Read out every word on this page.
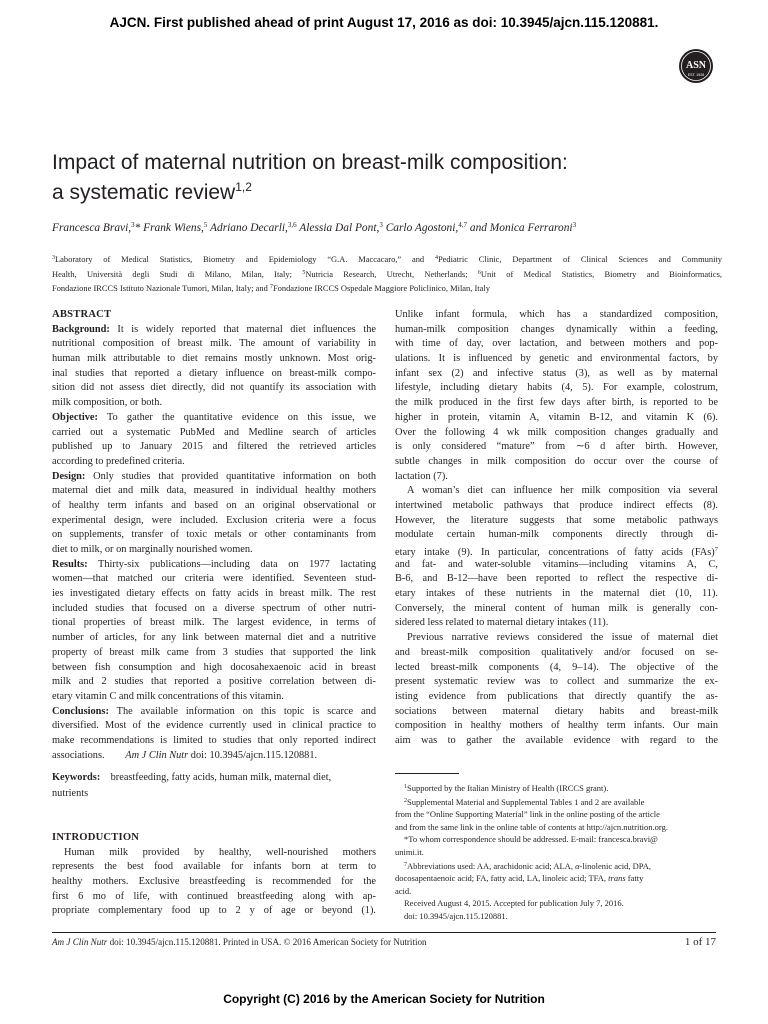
AJCN. First published ahead of print August 17, 2016 as doi: 10.3945/ajcn.115.120881.
ASN
EST. 1928
Impact of maternal nutrition on breast-milk composition:
a systematic review$^{1,2}$
Francesca Bravi,$^3$* Frank Wiens,$^5$ Adriano Decarli,$^{3,6}$ Alessia Dal Pont,$^3$ Carlo Agostoni,$^{4,7}$ and Monica Ferraroni$^3$
$^3$Laboratory of Medical Statistics, Biometry and Epidemiology “G.A. Maccacaro,” and $^4$Pediatric Clinic, Department of Clinical Sciences and Community
Health, Università degli Studi di Milano, Milan, Italy; $^5$Nutricia Research, Utrecht, Netherlands; $^6$Unit of Medical Statistics, Biometry and Bioinformatics,
Fondazione IRCCS Istituto Nazionale Tumori, Milan, Italy; and $^7$Fondazione IRCCS Ospedale Maggiore Policlinico, Milan, Italy
ABSTRACT
Background: It is widely reported that maternal diet influences the
nutritional composition of breast milk. The amount of variability in
human milk attributable to diet remains mostly unknown. Most orig-
inal studies that reported a dietary influence on breast-milk compo-
sition did not assess diet directly, did not quantify its association with
milk composition, or both.
Objective: To gather the quantitative evidence on this issue, we
carried out a systematic PubMed and Medline search of articles
published up to January 2015 and filtered the retrieved articles
according to predefined criteria.
Design: Only studies that provided quantitative information on both
maternal diet and milk data, measured in individual healthy mothers
of healthy term infants and based on an original observational or
experimental design, were included. Exclusion criteria were a focus
on supplements, transfer of toxic metals or other contaminants from
diet to milk, or on marginally nourished women.
Results: Thirty-six publications—including data on 1977 lactating
women—that matched our criteria were identified. Seventeen stud-
ies investigated dietary effects on fatty acids in breast milk. The rest
included studies that focused on a diverse spectrum of other nutri-
tional properties of breast milk. The largest evidence, in terms of
number of articles, for any link between maternal diet and a nutritive
property of breast milk came from 3 studies that supported the link
between fish consumption and high docosahexaenoic acid in breast
milk and 2 studies that reported a positive correlation between di-
etary vitamin C and milk concentrations of this vitamin.
Conclusions: The available information on this topic is scarce and
diversified. Most of the evidence currently used in clinical practice to
make recommendations is limited to studies that only reported indirect
associations. Am J Clin Nutr doi: 10.3945/ajcn.115.120881.
Keywords: breastfeeding, fatty acids, human milk, maternal diet,
nutrients
INTRODUCTION
Human milk provided by healthy, well-nourished mothers
represents the best food available for infants born at term to
healthy mothers. Exclusive breastfeeding is recommended for the
first 6 mo of life, with continued breastfeeding along with ap-
propriate complementary food up to 2 y of age or beyond (1).
Unlike infant formula, which has a standardized composition,
human-milk composition changes dynamically within a feeding,
with time of day, over lactation, and between mothers and pop-
ulations. It is influenced by genetic and environmental factors, by
infant sex (2) and infective status (3), as well as by maternal
lifestyle, including dietary habits (4, 5). For example, colostrum,
the milk produced in the first few days after birth, is reported to be
higher in protein, vitamin A, vitamin B-12, and vitamin K (6).
Over the following 4 wk milk composition changes gradually and
is only considered “mature” from ∼6 d after birth. However,
subtle changes in milk composition do occur over the course of
lactation (7).
A woman’s diet can influence her milk composition via several
intertwined metabolic pathways that produce indirect effects (8).
However, the literature suggests that some metabolic pathways
modulate certain human-milk components directly through di-
etary intake (9). In particular, concentrations of fatty acids (FAs)$^7$
and fat- and water-soluble vitamins—including vitamins A, C,
B-6, and B-12—have been reported to reflect the respective di-
etary intakes of these nutrients in the maternal diet (10, 11).
Conversely, the mineral content of human milk is generally con-
sidered less related to maternal dietary intakes (11).
Previous narrative reviews considered the issue of maternal diet
and breast-milk composition qualitatively and/or focused on se-
lected breast-milk components (4, 9–14). The objective of the
present systematic review was to collect and summarize the ex-
isting evidence from publications that directly quantify the as-
sociations between maternal dietary habits and breast-milk
composition in healthy mothers of healthy term infants. Our main
aim was to gather the available evidence with regard to the
$^1$Supported by the Italian Ministry of Health (IRCCS grant).
$^2$Supplemental Material and Supplemental Tables 1 and 2 are available
from the “Online Supporting Material” link in the online posting of the article
and from the same link in the online table of contents at http://ajcn.nutrition.org.
*To whom correspondence should be addressed. E-mail: francesca.bravi@
unimi.it.
$^7$Abbreviations used: AA, arachidonic acid; ALA, α-linolenic acid, DPA,
docosapentaenoic acid; FA, fatty acid, LA, linoleic acid; TFA, trans fatty
acid.
Received August 4, 2015. Accepted for publication July 7, 2016.
doi: 10.3945/ajcn.115.120881.
Am J Clin Nutr doi: 10.3945/ajcn.115.120881. Printed in USA. © 2016 American Society for Nutrition	1 of 17
Copyright (C) 2016 by the American Society for Nutrition
